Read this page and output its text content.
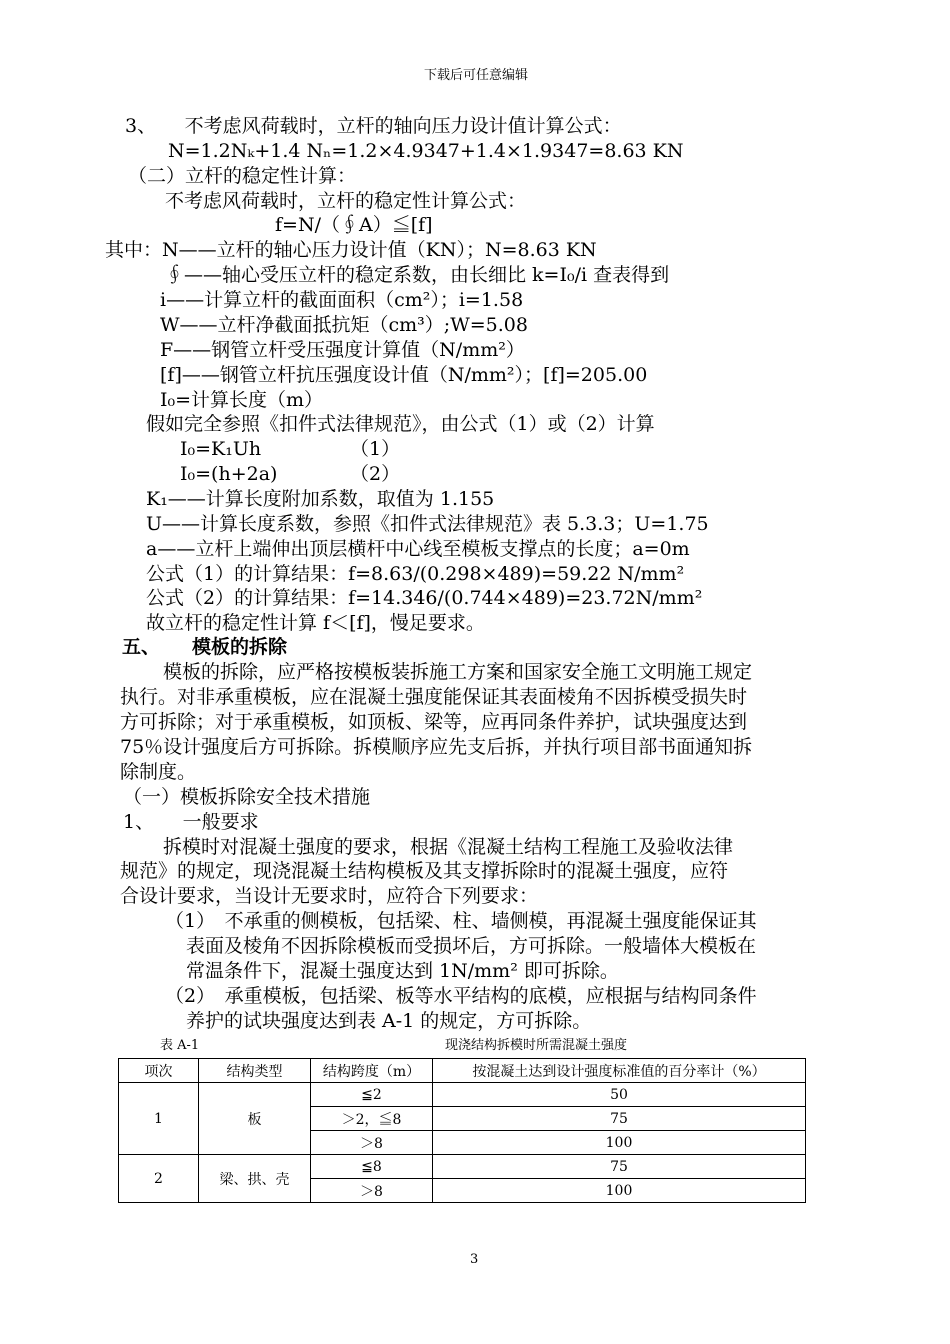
下载后可任意编辑
3、　　不考虑风荷载时，立杆的轴向压力设计值计算公式：
N=1.2Nₖ+1.4 Nₙ=1.2×4.9347+1.4×1.9347=8.63 KN
（二）立杆的稳定性计算：
不考虑风荷载时，立杆的稳定性计算公式：
f=N/（∮A）≦[f]
其中：N——立杆的轴心压力设计值（KN）；N=8.63 KN
∮——轴心受压立杆的稳定系数，由长细比 k=I₀/i 查表得到
i——计算立杆的截面面积（cm²）；i=1.58
W——立杆净截面抵抗矩（cm³）;W=5.08
F——钢管立杆受压强度计算值（N/mm²）
[f]——钢管立杆抗压强度设计值（N/mm²）；[f]=205.00
I₀=计算长度（m）
假如完全参照《扣件式法律规范》，由公式（1）或（2）计算
I₀=K₁Uh	（1）
I₀=(h+2a)	（2）
K₁——计算长度附加系数，取值为 1.155
U——计算长度系数，参照《扣件式法律规范》表 5.3.3；U=1.75
a——立杆上端伸出顶层横杆中心线至模板支撑点的长度；a=0m
公式（1）的计算结果：f=8.63/(0.298×489)=59.22 N/mm²
公式（2）的计算结果：f=14.346/(0.744×489)=23.72N/mm²
故立杆的稳定性计算 f＜[f]，慢足要求。
五、 模板的拆除
模板的拆除，应严格按模板装拆施工方案和国家安全施工文明施工规定
执行。对非承重模板，应在混凝土强度能保证其表面棱角不因拆模受损失时
方可拆除；对于承重模板，如顶板、梁等，应再同条件养护，试块强度达到
75％设计强度后方可拆除。拆模顺序应先支后拆，并执行项目部书面通知拆
除制度。
（一）模板拆除安全技术措施
1、　　一般要求
拆模时对混凝土强度的要求，根据《混凝土结构工程施工及验收法律
规范》的规定，现浇混凝土结构模板及其支撑拆除时的混凝土强度，应符
合设计要求，当设计无要求时，应符合下列要求：
（1）　不承重的侧模板，包括梁、柱、墙侧模，再混凝土强度能保证其
表面及棱角不因拆除模板而受损坏后，方可拆除。一般墙体大模板在
常温条件下，混凝土强度达到 1N/mm² 即可拆除。
（2）　承重模板，包括梁、板等水平结构的底模，应根据与结构同条件
养护的试块强度达到表 A-1 的规定，方可拆除。
表 A-1	现浇结构拆模时所需混凝土强度
项次	结构类型	结构跨度（m）	按混凝土达到设计强度标准值的百分率计（%）
1	板	≦2	50
		＞2，≦8	75
		＞8	100
2	梁、拱、壳	≦8	75
		＞8	100
3
